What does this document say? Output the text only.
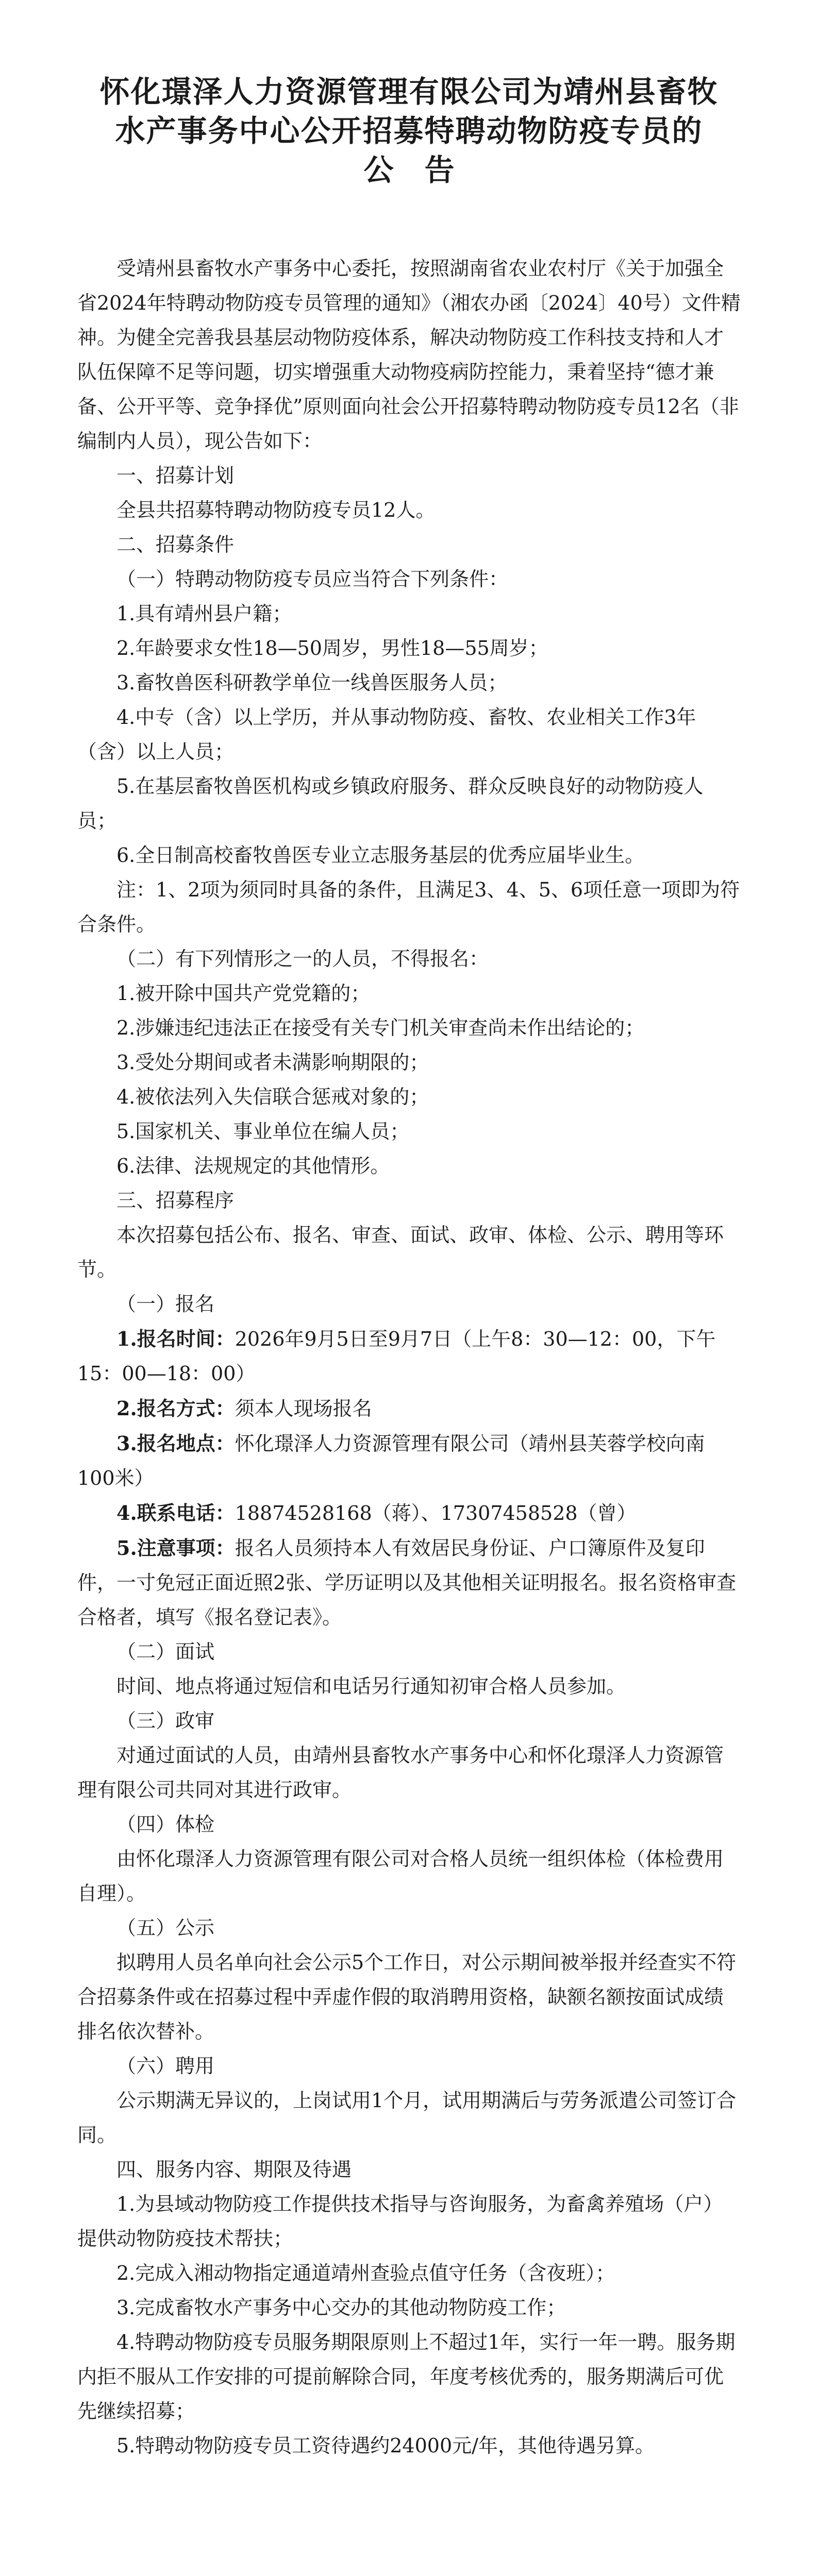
怀化璟泽人力资源管理有限公司为靖州县畜牧
水产事务中心公开招募特聘动物防疫专员的
公告

受靖州县畜牧水产事务中心委托，按照湖南省农业农村厅《关于加强全省2024年特聘动物防疫专员管理的通知》（湘农办函〔2024〕40号）文件精神。为健全完善我县基层动物防疫体系，解决动物防疫工作科技支持和人才队伍保障不足等问题，切实增强重大动物疫病防控能力，秉着坚持“德才兼备、公开平等、竞争择优”原则面向社会公开招募特聘动物防疫专员12名（非编制内人员），现公告如下：

一、招募计划

全县共招募特聘动物防疫专员12人。

二、招募条件

（一）特聘动物防疫专员应当符合下列条件：

1.具有靖州县户籍；

2.年龄要求女性18—50周岁，男性18—55周岁；

3.畜牧兽医科研教学单位一线兽医服务人员；

4.中专（含）以上学历，并从事动物防疫、畜牧、农业相关工作3年（含）以上人员；

5.在基层畜牧兽医机构或乡镇政府服务、群众反映良好的动物防疫人员；

6.全日制高校畜牧兽医专业立志服务基层的优秀应届毕业生。

注：1、2项为须同时具备的条件，且满足3、4、5、6项任意一项即为符合条件。

（二）有下列情形之一的人员，不得报名：

1.被开除中国共产党党籍的；

2.涉嫌违纪违法正在接受有关专门机关审查尚未作出结论的；

3.受处分期间或者未满影响期限的；

4.被依法列入失信联合惩戒对象的；

5.国家机关、事业单位在编人员；

6.法律、法规规定的其他情形。

三、招募程序

本次招募包括公布、报名、审查、面试、政审、体检、公示、聘用等环节。

（一）报名

1.报名时间：2026年9月5日至9月7日（上午8：30—12：00，下午15：00—18：00）

2.报名方式：须本人现场报名

3.报名地点：怀化璟泽人力资源管理有限公司（靖州县芙蓉学校向南100米）

4.联系电话：18874528168（蒋）、17307458528（曾）

5.注意事项：报名人员须持本人有效居民身份证、户口簿原件及复印件，一寸免冠正面近照2张、学历证明以及其他相关证明报名。报名资格审查合格者，填写《报名登记表》。

（二）面试

时间、地点将通过短信和电话另行通知初审合格人员参加。

（三）政审

对通过面试的人员，由靖州县畜牧水产事务中心和怀化璟泽人力资源管理有限公司共同对其进行政审。

（四）体检

由怀化璟泽人力资源管理有限公司对合格人员统一组织体检（体检费用自理）。

（五）公示

拟聘用人员名单向社会公示5个工作日，对公示期间被举报并经查实不符合招募条件或在招募过程中弄虚作假的取消聘用资格，缺额名额按面试成绩排名依次替补。

（六）聘用

公示期满无异议的，上岗试用1个月，试用期满后与劳务派遣公司签订合同。

四、服务内容、期限及待遇

1.为县域动物防疫工作提供技术指导与咨询服务，为畜禽养殖场（户）提供动物防疫技术帮扶；

2.完成入湘动物指定通道靖州查验点值守任务（含夜班）；

3.完成畜牧水产事务中心交办的其他动物防疫工作；

4.特聘动物防疫专员服务期限原则上不超过1年，实行一年一聘。服务期内拒不服从工作安排的可提前解除合同，年度考核优秀的，服务期满后可优先继续招募；

5.特聘动物防疫专员工资待遇约24000元/年，其他待遇另算。
